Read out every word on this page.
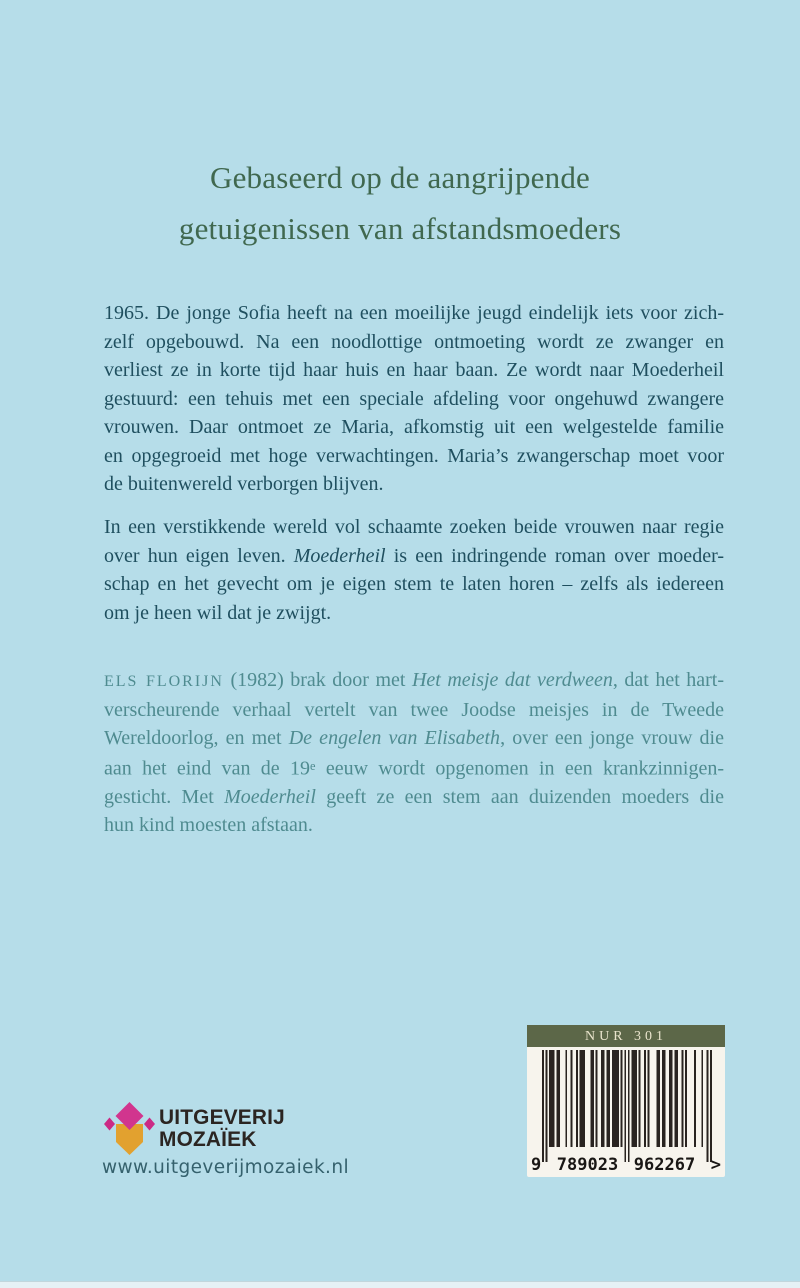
Gebaseerd op de aangrijpende
getuigenissen van afstandsmoeders
1965. De jonge Sofia heeft na een moeilijke jeugd eindelijk iets voor zich-
zelf opgebouwd. Na een noodlottige ontmoeting wordt ze zwanger en
verliest ze in korte tijd haar huis en haar baan. Ze wordt naar Moederheil
gestuurd: een tehuis met een speciale afdeling voor ongehuwd zwangere
vrouwen. Daar ontmoet ze Maria, afkomstig uit een welgestelde familie
en opgegroeid met hoge verwachtingen. Maria’s zwangerschap moet voor
de buitenwereld verborgen blijven.
In een verstikkende wereld vol schaamte zoeken beide vrouwen naar regie
over hun eigen leven. Moederheil is een indringende roman over moeder-
schap en het gevecht om je eigen stem te laten horen – zelfs als iedereen
om je heen wil dat je zwijgt.
ELS FLORIJN (1982) brak door met Het meisje dat verdween, dat het hart-
verscheurende verhaal vertelt van twee Joodse meisjes in de Tweede
Wereldoorlog, en met De engelen van Elisabeth, over een jonge vrouw die
aan het eind van de 19e eeuw wordt opgenomen in een krankzinnigen-
gesticht. Met Moederheil geeft ze een stem aan duizenden moeders die
hun kind moesten afstaan.
NUR 301
9 789023 962267 >
UITGEVERIJ
MOZAÏEK
www.uitgeverijmozaiek.nl
